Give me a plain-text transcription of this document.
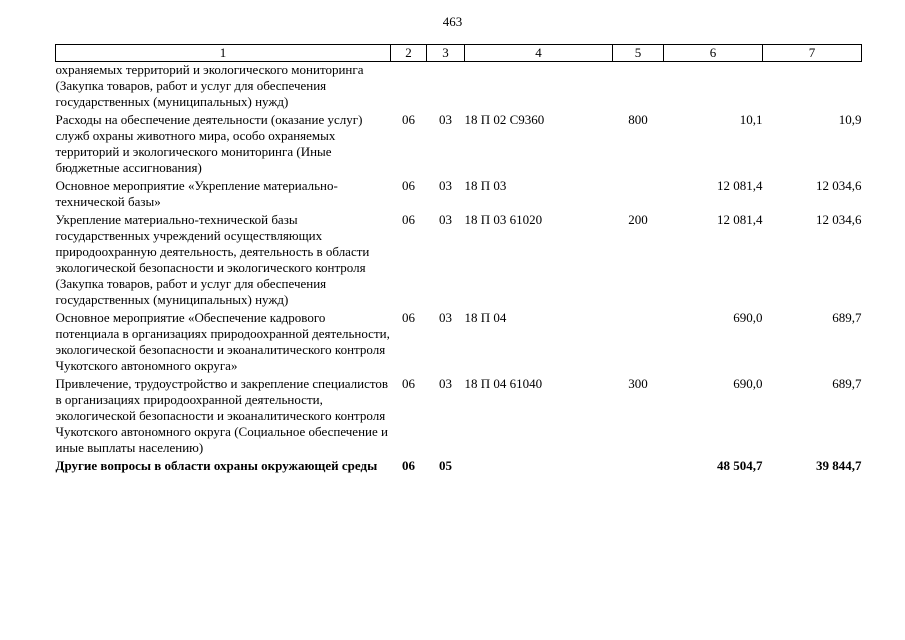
463
1	2	3	4	5	6	7
охраняемых территорий и экологического мониторинга (Закупка товаров, работ и услуг для обеспечения государственных (муниципальных) нужд)						
Расходы на обеспечение деятельности (оказание услуг) служб охраны животного мира, особо охраняемых территорий и экологического мониторинга (Иные бюджетные ассигнования)	06	03	18 П 02 С9360	800	10,1	10,9
Основное мероприятие «Укрепление материально-технической базы»	06	03	18 П 03		12 081,4	12 034,6
Укрепление материально-технической базы государственных учреждений осуществляющих природоохранную деятельность, деятельность в области экологической безопасности и экологического контроля (Закупка товаров, работ и услуг для обеспечения государственных (муниципальных) нужд)	06	03	18 П 03 61020	200	12 081,4	12 034,6
Основное мероприятие «Обеспечение кадрового потенциала в организациях природоохранной деятельности, экологической безопасности и экоаналитического контроля Чукотского автономного округа»	06	03	18 П 04		690,0	689,7
Привлечение, трудоустройство и закрепление специалистов в организациях природоохранной деятельности, экологической безопасности и экоаналитического контроля Чукотского автономного округа (Социальное обеспечение и иные выплаты населению)	06	03	18 П 04 61040	300	690,0	689,7
Другие вопросы в области охраны окружающей среды	06	05			48 504,7	39 844,7
